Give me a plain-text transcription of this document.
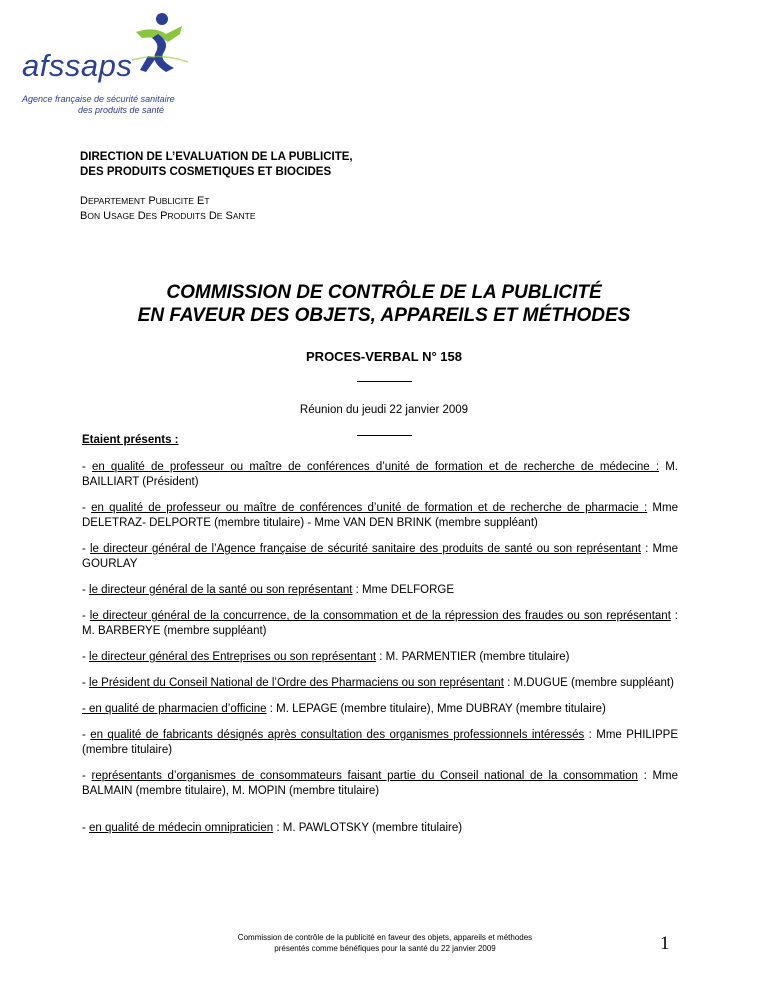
afssaps
Agence française de sécurité sanitaire
des produits de santé
DIRECTION DE L’EVALUATION DE LA PUBLICITE,
DES PRODUITS COSMETIQUES ET BIOCIDES
DEPARTEMENT PUBLICITE ET
BON USAGE DES PRODUITS DE SANTE
COMMISSION DE CONTRÔLE DE LA PUBLICITÉ
EN FAVEUR DES OBJETS, APPAREILS ET MÉTHODES
PROCES-VERBAL N° 158
Réunion du jeudi 22 janvier 2009
Etaient présents :
- en qualité de professeur ou maître de conférences d’unité de formation et de recherche de médecine : M. BAILLIART (Président)
- en qualité de professeur ou maître de conférences d’unité de formation et de recherche de pharmacie : Mme DELETRAZ- DELPORTE (membre titulaire) - Mme VAN DEN BRINK (membre suppléant)
- le directeur général de l’Agence française de sécurité sanitaire des produits de santé ou son représentant : Mme GOURLAY
- le directeur général de la santé ou son représentant : Mme DELFORGE
- le directeur général de la concurrence, de la consommation et de la répression des fraudes ou son représentant : M. BARBERYE (membre suppléant)
- le directeur général des Entreprises ou son représentant : M. PARMENTIER (membre titulaire)
- le Président du Conseil National de l’Ordre des Pharmaciens ou son représentant : M.DUGUE (membre suppléant)
- en qualité de pharmacien d’officine : M. LEPAGE (membre titulaire), Mme DUBRAY (membre titulaire)
- en qualité de fabricants désignés après consultation des organismes professionnels intéressés : Mme PHILIPPE (membre titulaire)
- représentants d’organismes de consommateurs faisant partie du Conseil national de la consommation : Mme BALMAIN (membre titulaire), M. MOPIN (membre titulaire)
- en qualité de médecin omnipraticien : M. PAWLOTSKY (membre titulaire)
Commission de contrôle de la publicité en faveur des objets, appareils et méthodes
présentés comme bénéfiques pour la santé du 22 janvier 2009	1
